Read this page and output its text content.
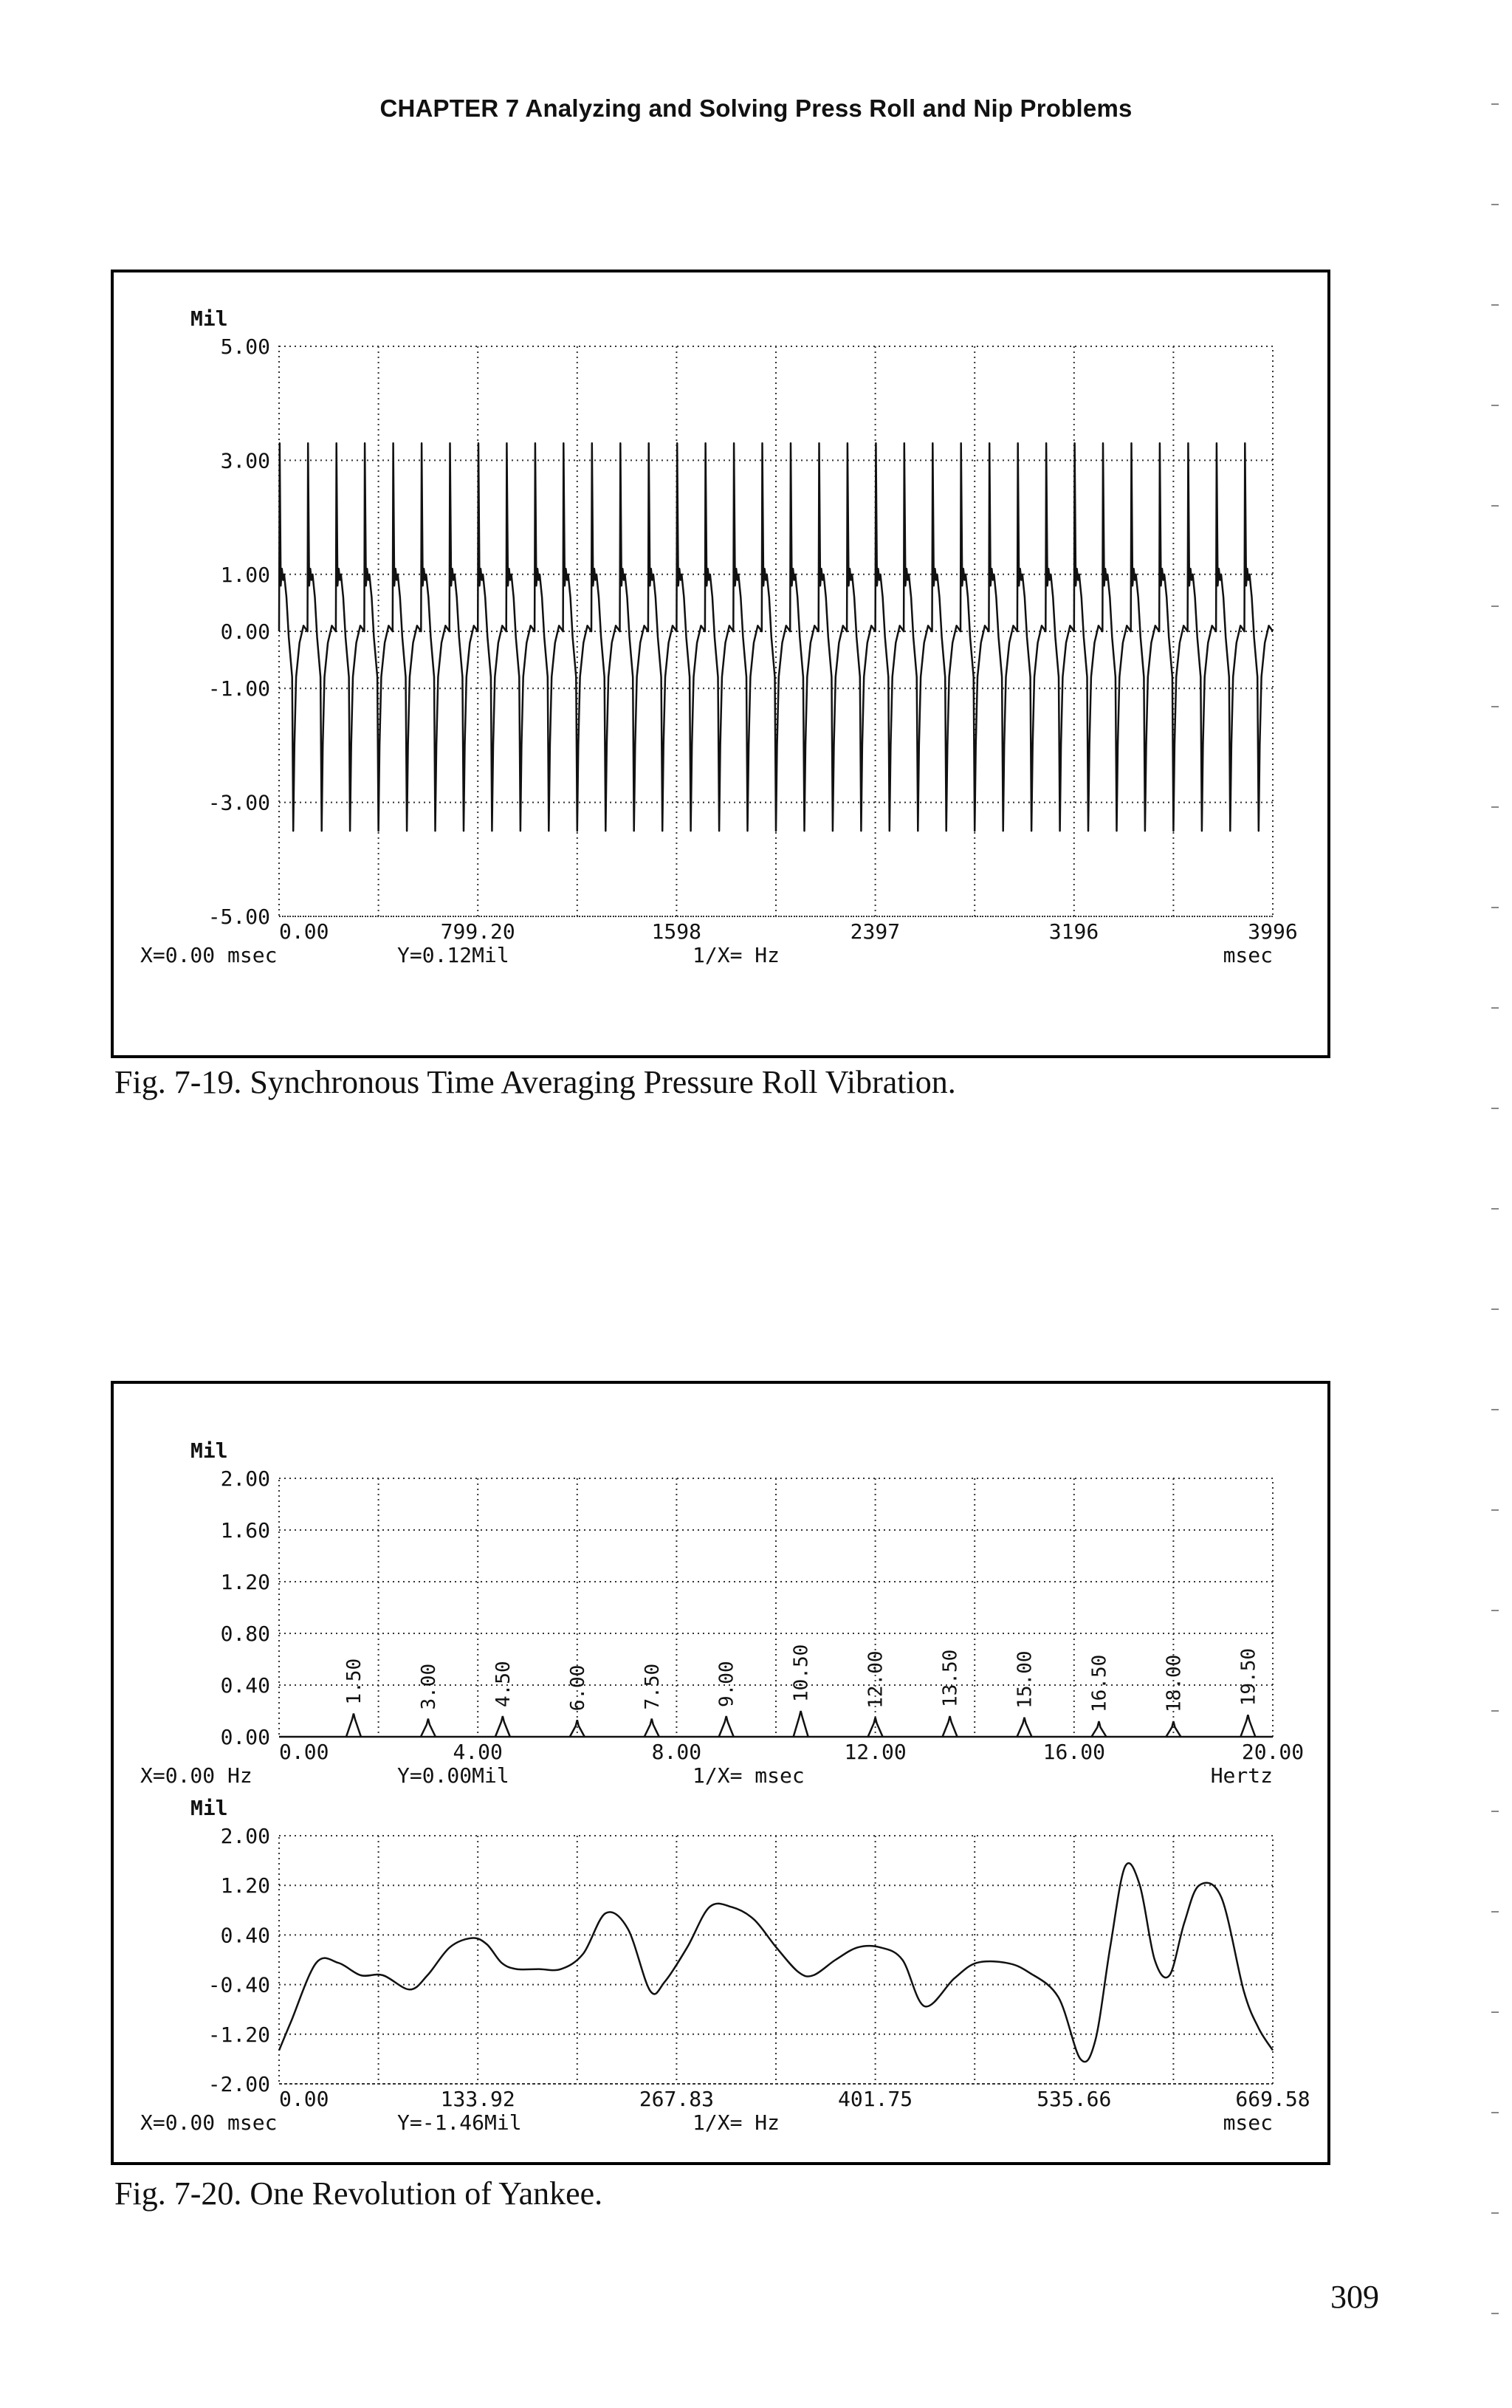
CHAPTER 7 Analyzing and Solving Press Roll and Nip Problems
Mil
5.00
3.00
1.00
0.00
-1.00
-3.00
-5.00
0.00	799.20	1598	2397	3196	3996
X=0.00 msec	Y=0.12Mil	1/X= Hz	msec
Fig. 7-19. Synchronous Time Averaging Pressure Roll Vibration.
Mil
2.00
1.60
1.20
0.80
0.40
0.00
0.00	4.00	8.00	12.00	16.00	20.00
X=0.00 Hz	Y=0.00Mil	1/X= msec	Hertz
1.50	3.00	4.50	6.00	7.50	9.00	10.50	12.00	13.50	15.00	16.50	18.00	19.50
Mil
2.00
1.20
0.40
-0.40
-1.20
-2.00
0.00	133.92	267.83	401.75	535.66	669.58
X=0.00 msec	Y=-1.46Mil	1/X= Hz	msec
Fig. 7-20. One Revolution of Yankee.
309
